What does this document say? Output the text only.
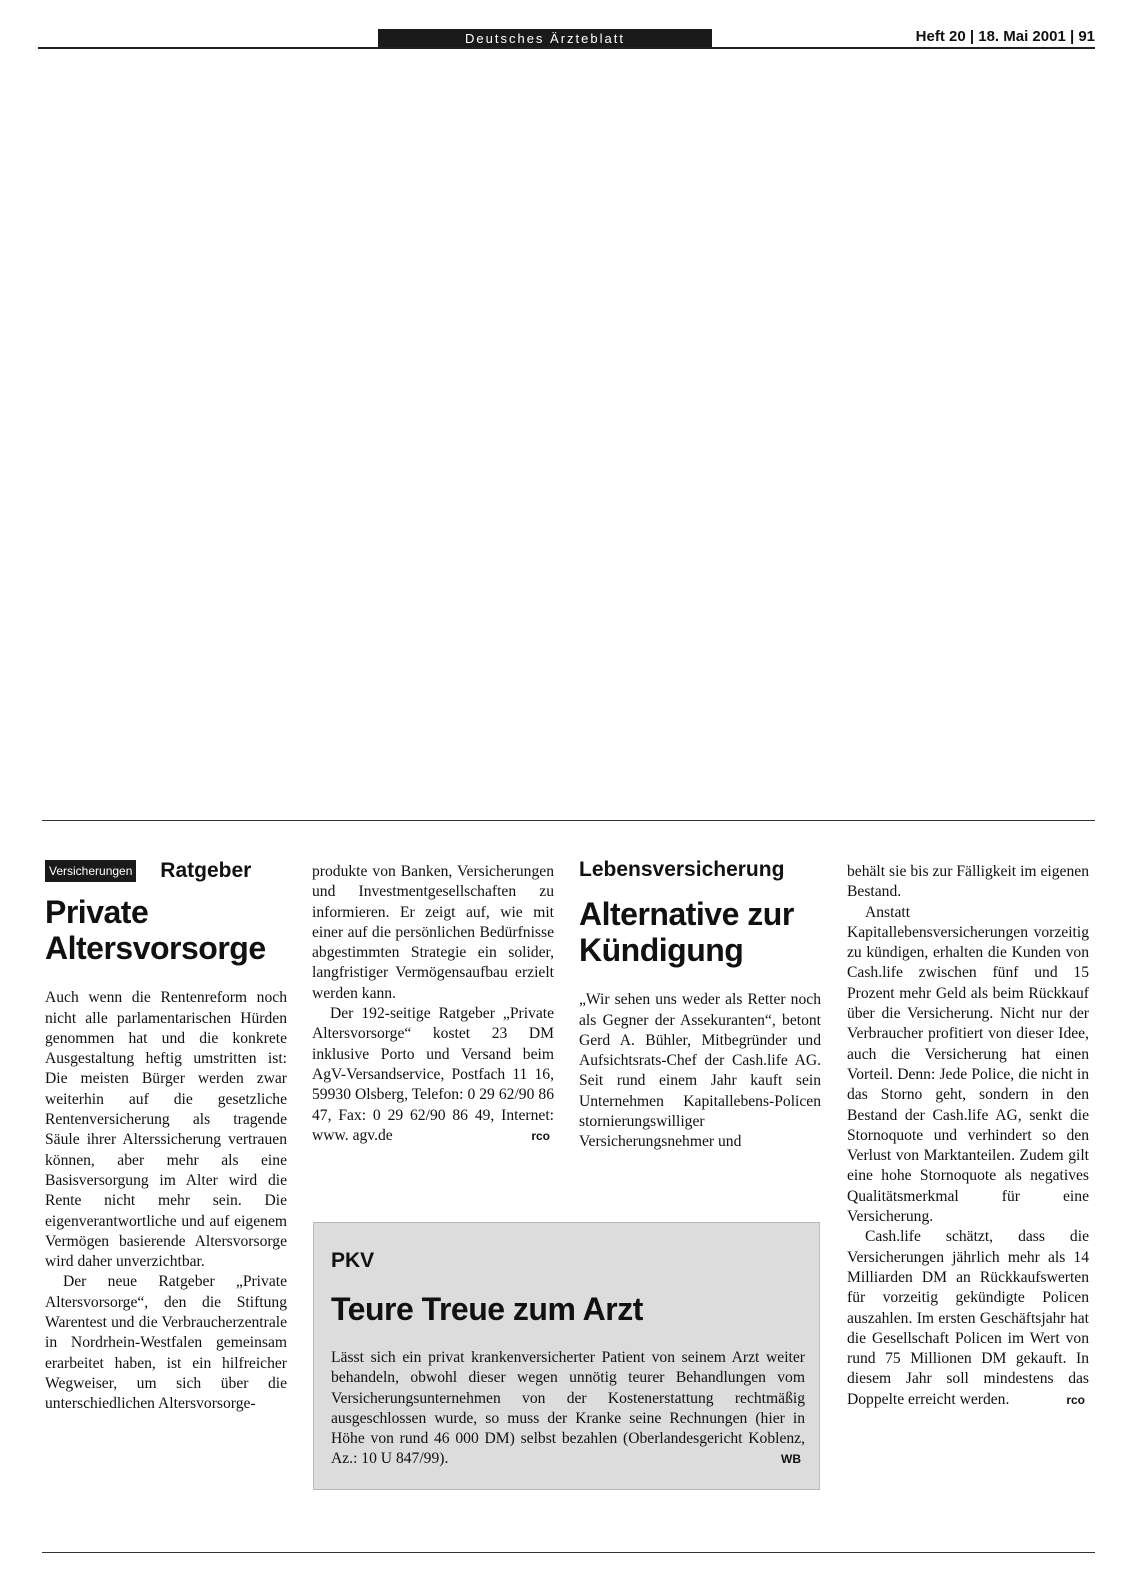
Deutsches Ärzteblatt	Heft 20 | 18. Mai 2001 | 91
Versicherungen Ratgeber
Private
Altersvorsorge

Auch wenn die Rentenreform noch nicht alle parlamentarischen Hürden genommen hat und die konkrete Ausgestaltung heftig umstritten ist: Die meisten Bürger werden zwar weiterhin auf die gesetzliche Rentenversicherung als tragende Säule ihrer Alterssicherung vertrauen können, aber mehr als eine Basisversorgung im Alter wird die Rente nicht mehr sein. Die eigenverantwortliche und auf eigenem Vermögen basierende Altersvorsorge wird daher unverzichtbar.

Der neue Ratgeber „Private Altersvorsorge“, den die Stiftung Warentest und die Verbraucherzentrale in Nordrhein-Westfalen gemeinsam erarbeitet haben, ist ein hilfreicher Wegweiser, um sich über die unterschiedlichen Altersvorsorge-

produkte von Banken, Versicherungen und Investmentgesellschaften zu informieren. Er zeigt auf, wie mit einer auf die persönlichen Bedürfnisse abgestimmten Strategie ein solider, langfristiger Vermögensaufbau erzielt werden kann.

Der 192-seitige Ratgeber „Private Altersvorsorge“ kostet 23 DM inklusive Porto und Versand beim AgV-Versandservice, Postfach 11 16, 59930 Olsberg, Telefon: 0 29 62/90 86 47, Fax: 0 29 62/90 86 49, Internet: www. agv.de	rco

Lebensversicherung
Alternative zur
Kündigung

„Wir sehen uns weder als Retter noch als Gegner der Assekuranten“, betont Gerd A. Bühler, Mitbegründer und Aufsichtsrats-Chef der Cash.life AG. Seit rund einem Jahr kauft sein Unternehmen Kapitallebens-Policen stornierungswilliger Versicherungsnehmer und

behält sie bis zur Fälligkeit im eigenen Bestand.

Anstatt Kapitallebensversicherungen vorzeitig zu kündigen, erhalten die Kunden von Cash.life zwischen fünf und 15 Prozent mehr Geld als beim Rückkauf über die Versicherung. Nicht nur der Verbraucher profitiert von dieser Idee, auch die Versicherung hat einen Vorteil. Denn: Jede Police, die nicht in das Storno geht, sondern in den Bestand der Cash.life AG, senkt die Stornoquote und verhindert so den Verlust von Marktanteilen. Zudem gilt eine hohe Stornoquote als negatives Qualitätsmerkmal für eine Versicherung.

Cash.life schätzt, dass die Versicherungen jährlich mehr als 14 Milliarden DM an Rückkaufswerten für vorzeitig gekündigte Policen auszahlen. Im ersten Geschäftsjahr hat die Gesellschaft Policen im Wert von rund 75 Millionen DM gekauft. In diesem Jahr soll mindestens das Doppelte erreicht werden.	rco

PKV
Teure Treue zum Arzt
Lässt sich ein privat krankenversicherter Patient von seinem Arzt weiter behandeln, obwohl dieser wegen unnötig teurer Behandlungen vom Versicherungsunternehmen von der Kostenerstattung rechtmäßig ausgeschlossen wurde, so muss der Kranke seine Rechnungen (hier in Höhe von rund 46 000 DM) selbst bezahlen (Oberlandesgericht Koblenz, Az.: 10 U 847/99).	WB
